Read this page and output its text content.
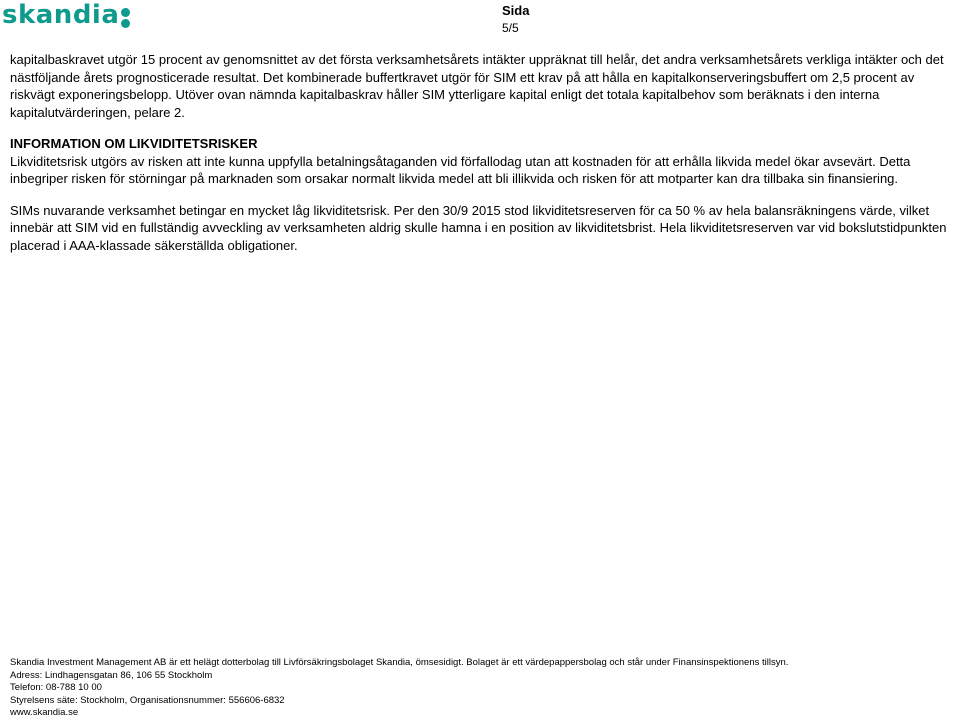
skandia	Sida
5/5

kapitalbaskravet utgör 15 procent av genomsnittet av det första verksamhetsårets intäkter uppräknat till helår, det andra verksamhetsårets verkliga intäkter och det nästföljande årets prognosticerade resultat. Det kombinerade buffertkravet utgör för SIM ett krav på att hålla en kapitalkonserveringsbuffert om 2,5 procent av riskvägt exponeringsbelopp. Utöver ovan nämnda kapitalbaskrav håller SIM ytterligare kapital enligt det totala kapitalbehov som beräknats i den interna kapitalutvärderingen, pelare 2.

INFORMATION OM LIKVIDITETSRISKER

Likviditetsrisk utgörs av risken att inte kunna uppfylla betalningsåtaganden vid förfallodag utan att kostnaden för att erhålla likvida medel ökar avsevärt. Detta inbegriper risken för störningar på marknaden som orsakar normalt likvida medel att bli illikvida och risken för att motparter kan dra tillbaka sin finansiering.

SIMs nuvarande verksamhet betingar en mycket låg likviditetsrisk. Per den 30/9 2015 stod likviditetsreserven för ca 50 % av hela balansräkningens värde, vilket innebär att SIM vid en fullständig avveckling av verksamheten aldrig skulle hamna i en position av likviditetsbrist. Hela likviditetsreserven var vid bokslutstidpunkten placerad i AAA-klassade säkerställda obligationer.

Skandia Investment Management AB är ett helägt dotterbolag till Livförsäkringsbolaget Skandia, ömsesidigt. Bolaget är ett värdepappersbolag och står under Finansinspektionens tillsyn.
Adress: Lindhagensgatan 86, 106 55 Stockholm
Telefon: 08-788 10 00
Styrelsens säte: Stockholm, Organisationsnummer: 556606-6832
www.skandia.se
